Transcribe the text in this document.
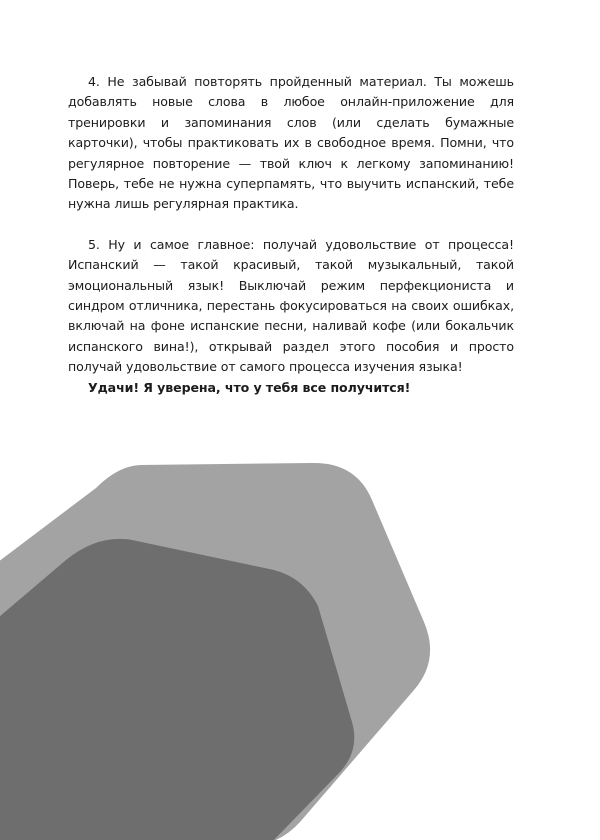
4. Не забывай повторять пройденный материал. Ты можешь добавлять новые слова в любое онлайн-приложение для тренировки и запоминания слов (или сделать бумажные карточки), чтобы практиковать их в свободное время. Помни, что регулярное повторение — твой ключ к легкому запоминанию! Поверь, тебе не нужна суперпамять, что выучить испанский, тебе нужна лишь регулярная практика.

5. Ну и самое главное: получай удовольствие от процесса! Испанский — такой красивый, такой музыкальный, такой эмоциональный язык! Выключай режим перфекциониста и синдром отличника, перестань фокусироваться на своих ошибках, включай на фоне испанские песни, наливай кофе (или бокальчик испанского вина!), открывай раздел этого пособия и просто получай удовольствие от самого процесса изучения языка!

Удачи! Я уверена, что у тебя все получится!
